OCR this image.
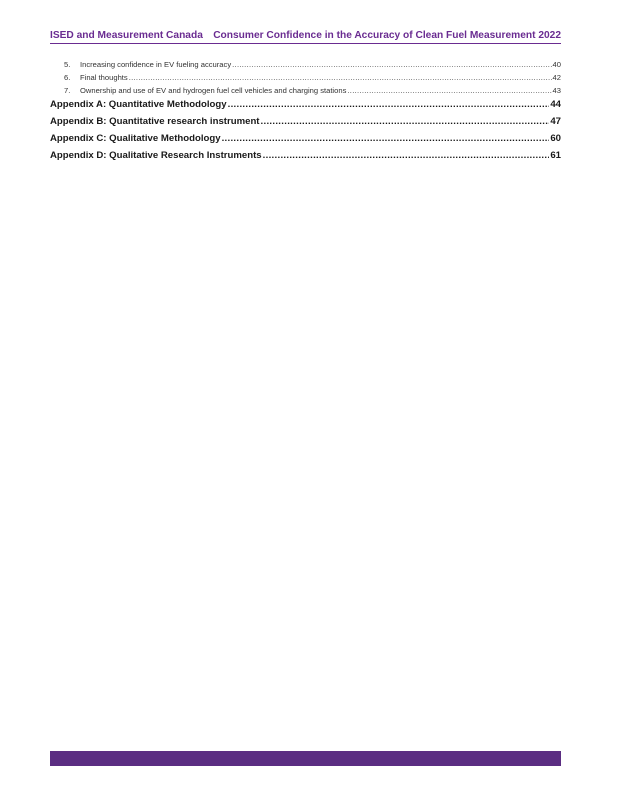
ISED and Measurement Canada Consumer Confidence in the Accuracy of Clean Fuel Measurement 2022
5.	Increasing confidence in EV fueling accuracy .....	40
6.	Final thoughts .....	42
7.	Ownership and use of EV and hydrogen fuel cell vehicles and charging stations .....	43
Appendix A: Quantitative Methodology .....	44
Appendix B: Quantitative research instrument .....	47
Appendix C: Qualitative Methodology .....	60
Appendix D: Qualitative Research Instruments .....	61
